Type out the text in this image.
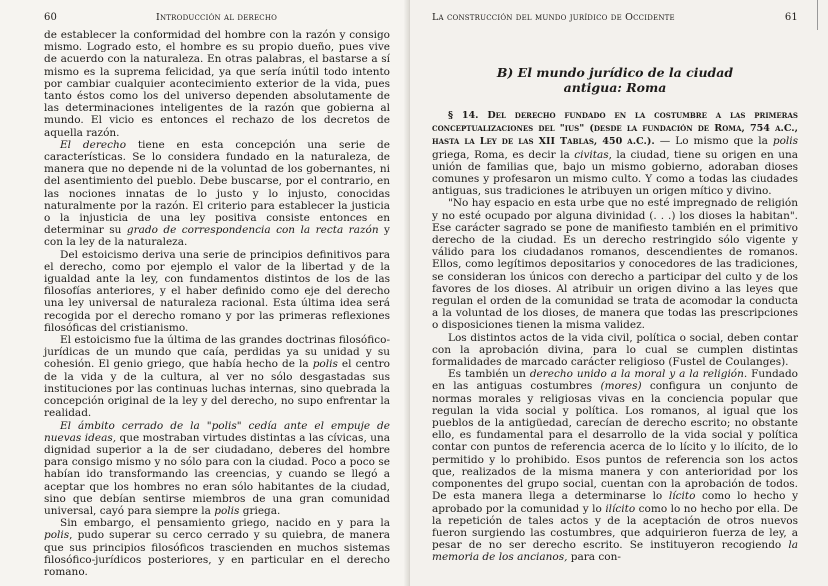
60	Introducción al derecho

de establecer la conformidad del hombre con la razón y consigo mismo. Logrado esto, el hombre es su propio dueño, pues vive de acuerdo con la naturaleza. En otras palabras, el bastarse a sí mismo es la suprema felicidad, ya que sería inútil todo intento por cambiar cualquier acontecimiento exterior de la vida, pues tanto éstos como los del universo dependen absolutamente de las determinaciones inteligentes de la razón que gobierna al mundo. El vicio es entonces el rechazo de los decretos de aquella razón.

El derecho tiene en esta concepción una serie de características. Se lo considera fundado en la naturaleza, de manera que no depende ni de la voluntad de los gobernantes, ni del asentimiento del pueblo. Debe buscarse, por el contrario, en las nociones innatas de lo justo y lo injusto, conocidas naturalmente por la razón. El criterio para establecer la justicia o la injusticia de una ley positiva consiste entonces en determinar su grado de correspondencia con la recta razón y con la ley de la naturaleza.

Del estoicismo deriva una serie de principios definitivos para el derecho, como por ejemplo el valor de la libertad y de la igualdad ante la ley, con fundamentos distintos de los de las filosofías anteriores, y el haber definido como eje del derecho una ley universal de naturaleza racional. Esta última idea será recogida por el derecho romano y por las primeras reflexiones filosóficas del cristianismo.

El estoicismo fue la última de las grandes doctrinas filosófico-jurídicas de un mundo que caía, perdidas ya su unidad y su cohesión. El genio griego, que había hecho de la polis el centro de la vida y de la cultura, al ver no sólo desgastadas sus instituciones por las continuas luchas internas, sino quebrada la concepción original de la ley y del derecho, no supo enfrentar la realidad.

El ámbito cerrado de la "polis" cedía ante el empuje de nuevas ideas, que mostraban virtudes distintas a las cívicas, una dignidad superior a la de ser ciudadano, deberes del hombre para consigo mismo y no sólo para con la ciudad. Poco a poco se habían ido transformando las creencias, y cuando se llegó a aceptar que los hombres no eran sólo habitantes de la ciudad, sino que debían sentirse miembros de una gran comunidad universal, cayó para siempre la polis griega.

Sin embargo, el pensamiento griego, nacido en y para la polis, pudo superar su cerco cerrado y su quiebra, de manera que sus principios filosóficos trascienden en muchos sistemas filosófico-jurídicos posteriores, y en particular en el derecho romano.

La construcción del mundo jurídico de Occidente	61
B) El mundo jurídico de la ciudad
antigua: Roma

§ 14. Del derecho fundado en la costumbre a las primeras conceptualizaciones del "ius" (desde la fundación de Roma, 754 a.C., hasta la Ley de las XII Tablas, 450 a.C.). — Lo mismo que la polis griega, Roma, es decir la civitas, la ciudad, tiene su origen en una unión de familias que, bajo un mismo gobierno, adoraban dioses comunes y profesaron un mismo culto. Y como a todas las ciudades antiguas, sus tradiciones le atribuyen un origen mítico y divino.

"No hay espacio en esta urbe que no esté impregnado de religión y no esté ocupado por alguna divinidad (. . .) los dioses la habitan". Ese carácter sagrado se pone de manifiesto también en el primitivo derecho de la ciudad. Es un derecho restringido sólo vigente y válido para los ciudadanos romanos, descendientes de romanos. Ellos, como legítimos depositarios y conocedores de las tradiciones, se consideran los únicos con derecho a participar del culto y de los favores de los dioses. Al atribuir un origen divino a las leyes que regulan el orden de la comunidad se trata de acomodar la conducta a la voluntad de los dioses, de manera que todas las prescripciones o disposiciones tienen la misma validez.

Los distintos actos de la vida civil, política o social, deben contar con la aprobación divina, para lo cual se cumplen distintas formalidades de marcado carácter religioso (Fustel de Coulanges).

Es también un derecho unido a la moral y a la religión. Fundado en las antiguas costumbres (mores) configura un conjunto de normas morales y religiosas vivas en la conciencia popular que regulan la vida social y política. Los romanos, al igual que los pueblos de la antigüedad, carecían de derecho escrito; no obstante ello, es fundamental para el desarrollo de la vida social y política contar con puntos de referencia acerca de lo lícito y lo ilícito, de lo permitido y lo prohibido. Esos puntos de referencia son los actos que, realizados de la misma manera y con anterioridad por los componentes del grupo social, cuentan con la aprobación de todos. De esta manera llega a determinarse lo lícito como lo hecho y aprobado por la comunidad y lo ilícito como lo no hecho por ella. De la repetición de tales actos y de la aceptación de otros nuevos fueron surgiendo las costumbres, que adquirieron fuerza de ley, a pesar de no ser derecho escrito. Se instituyeron recogiendo la memoria de los ancianos, para con-
